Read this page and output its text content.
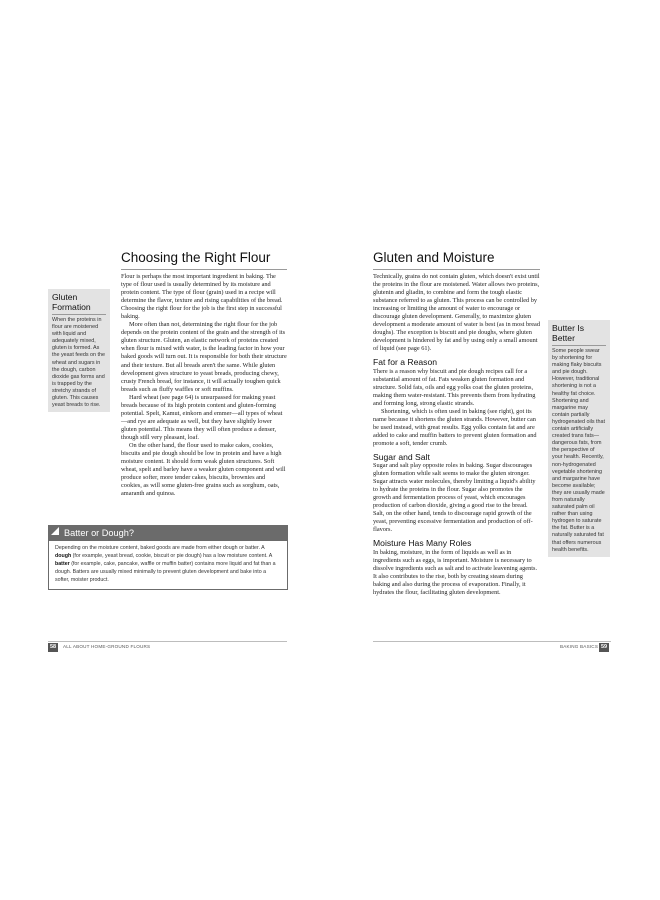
Choosing the Right Flour
Gluten Formation
When the proteins in flour are moistened with liquid and adequately mixed, gluten is formed. As the yeast feeds on the wheat and sugars in the dough, carbon dioxide gas forms and is trapped by the stretchy strands of gluten. This causes yeast breads to rise.

Flour is perhaps the most important ingredient in baking. The type of flour used is usually determined by its moisture and protein content. The type of flour (grain) used in a recipe will determine the flavor, texture and rising capabilities of the bread. Choosing the right flour for the job is the first step in successful baking.

More often than not, determining the right flour for the job depends on the protein content of the grain and the strength of its gluten structure. Gluten, an elastic network of proteins created when flour is mixed with water, is the leading factor in how your baked goods will turn out. It is responsible for both their structure and their texture. But all breads aren't the same. While gluten development gives structure to yeast breads, producing chewy, crusty French bread, for instance, it will actually toughen quick breads such as fluffy waffles or soft muffins.

Hard wheat (see page 64) is unsurpassed for making yeast breads because of its high protein content and gluten-forming potential. Spelt, Kamut, einkorn and emmer—all types of wheat—and rye are adequate as well, but they have slightly lower gluten potential. This means they will often produce a denser, though still very pleasant, loaf.

On the other hand, the flour used to make cakes, cookies, biscuits and pie dough should be low in protein and have a high moisture content. It should form weak gluten structures. Soft wheat, spelt and barley have a weaker gluten component and will produce softer, more tender cakes, biscuits, brownies and cookies, as will some gluten-free grains such as sorghum, oats, amaranth and quinoa.

Batter or Dough?
Depending on the moisture content, baked goods are made from either dough or batter. A dough (for example, yeast bread, cookie, biscuit or pie dough) has a low moisture content. A batter (for example, cake, pancake, waffle or muffin batter) contains more liquid and fat than a dough. Batters are usually mixed minimally to prevent gluten development and bake into a softer, moister product.
58	ALL ABOUT HOME-GROUND FLOURS
Gluten and Moisture

Technically, grains do not contain gluten, which doesn't exist until the proteins in the flour are moistened. Water allows two proteins, glutenin and gliadin, to combine and form the tough elastic substance referred to as gluten. This process can be controlled by increasing or limiting the amount of water to encourage or discourage gluten development. Generally, to maximize gluten development a moderate amount of water is best (as in most bread doughs). The exception is biscuit and pie doughs, where gluten development is hindered by fat and by using only a small amount of liquid (see page 61).

Fat for a Reason

There is a reason why biscuit and pie dough recipes call for a substantial amount of fat. Fats weaken gluten formation and structure. Solid fats, oils and egg yolks coat the gluten proteins, making them water-resistant. This prevents them from hydrating and forming long, strong elastic strands.

Shortening, which is often used in baking (see right), got its name because it shortens the gluten strands. However, butter can be used instead, with great results. Egg yolks contain fat and are added to cake and muffin batters to prevent gluten formation and promote a soft, tender crumb.

Sugar and Salt

Sugar and salt play opposite roles in baking. Sugar discourages gluten formation while salt seems to make the gluten stronger. Sugar attracts water molecules, thereby limiting a liquid's ability to hydrate the proteins in the flour. Sugar also promotes the growth and fermentation process of yeast, which encourages production of carbon dioxide, giving a good rise to the bread. Salt, on the other hand, tends to discourage rapid growth of the yeast, preventing excessive fermentation and production of off-flavors.

Moisture Has Many Roles

In baking, moisture, in the form of liquids as well as in ingredients such as eggs, is important. Moisture is necessary to dissolve ingredients such as salt and to activate leavening agents. It also contributes to the rise, both by creating steam during baking and also during the process of evaporation. Finally, it hydrates the flour, facilitating gluten development.

Butter Is Better
Some people swear by shortening for making flaky biscuits and pie dough. However, traditional shortening is not a healthy fat choice. Shortening and margarine may contain partially hydrogenated oils that contain artificially created trans fats—dangerous fats, from the perspective of your health. Recently, non-hydrogenated vegetable shortening and margarine have become available; they are usually made from naturally saturated palm oil rather than using hydrogen to saturate the fat. Butter is a naturally saturated fat that offers numerous health benefits.
BAKING BASICS 59
